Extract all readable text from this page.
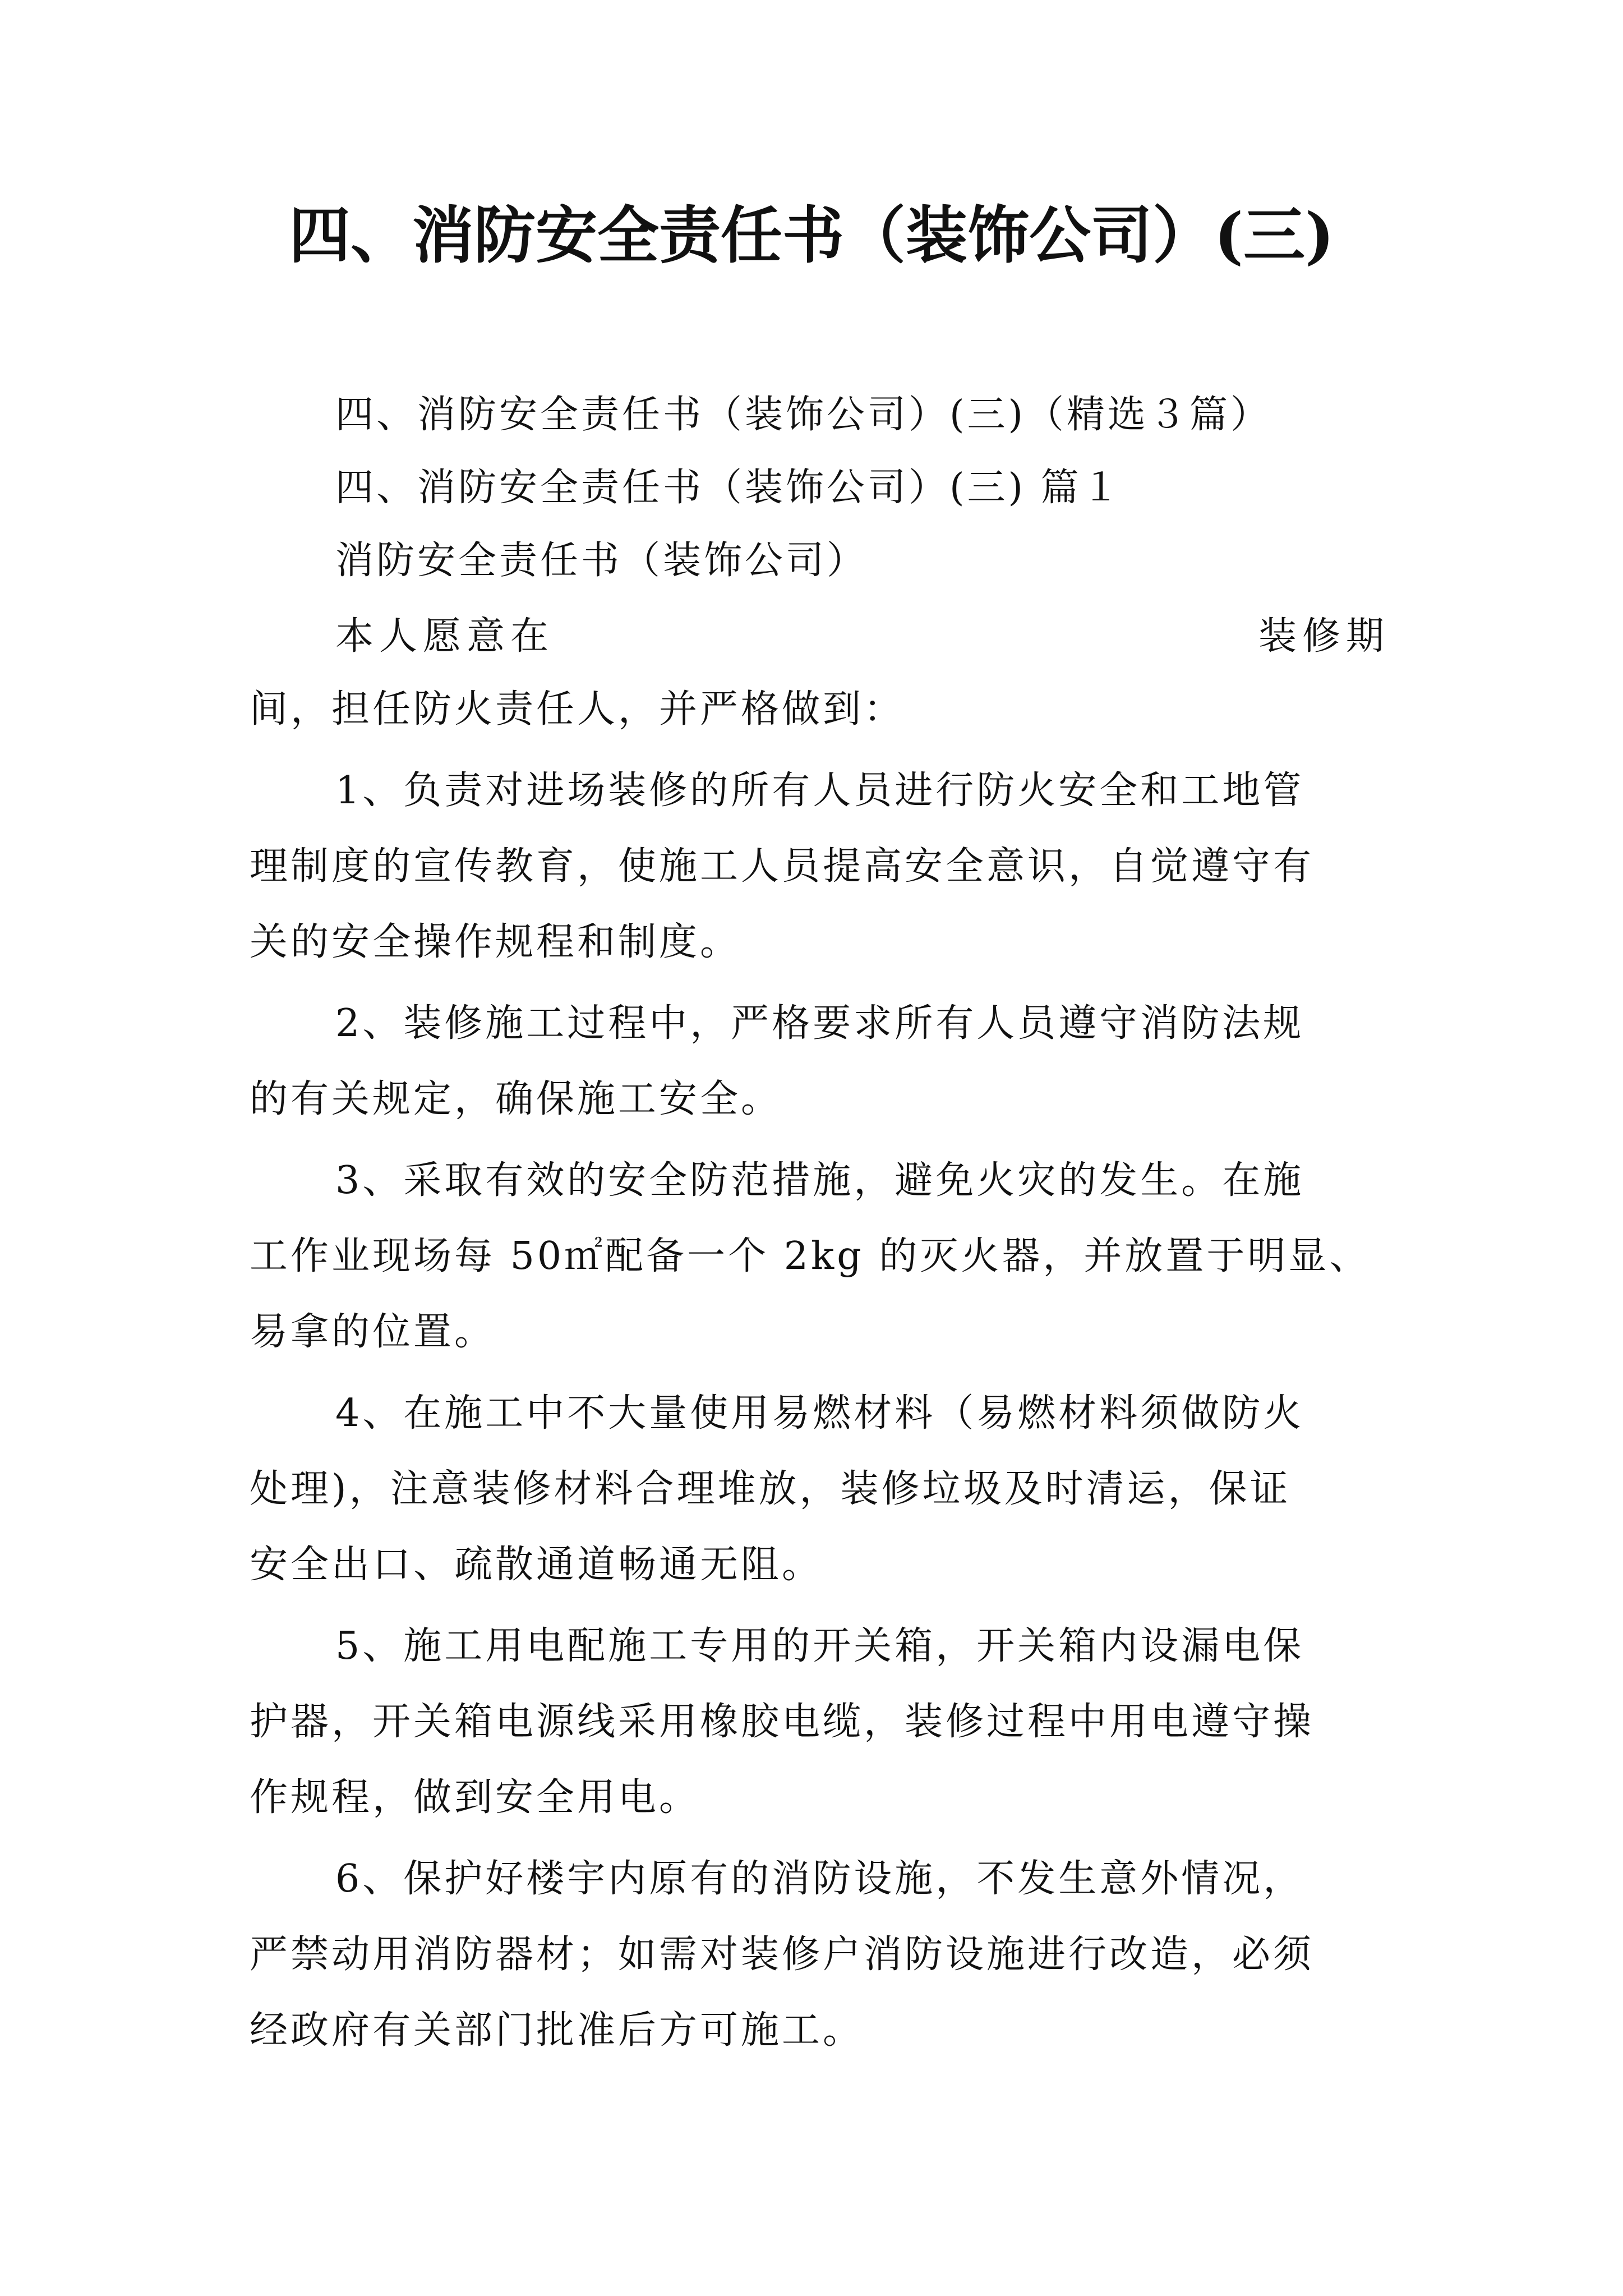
四、消防安全责任书（装饰公司）(三)
四、消防安全责任书（装饰公司）(三)（精选３篇）
四、消防安全责任书（装饰公司）(三) 篇１
消防安全责任书（装饰公司）
本人愿意在	装修期
间，担任防火责任人，并严格做到：
1、负责对进场装修的所有人员进行防火安全和工地管
理制度的宣传教育，使施工人员提高安全意识，自觉遵守有
关的安全操作规程和制度。
2、装修施工过程中，严格要求所有人员遵守消防法规
的有关规定，确保施工安全。
3、采取有效的安全防范措施，避免火灾的发生。在施
工作业现场每 50㎡配备一个 2kg 的灭火器，并放置于明显、
易拿的位置。
4、在施工中不大量使用易燃材料（易燃材料须做防火
处理)，注意装修材料合理堆放，装修垃圾及时清运，保证
安全出口、疏散通道畅通无阻。
5、施工用电配施工专用的开关箱，开关箱内设漏电保
护器，开关箱电源线采用橡胶电缆，装修过程中用电遵守操
作规程，做到安全用电。
6、保护好楼宇内原有的消防设施，不发生意外情况，
严禁动用消防器材；如需对装修户消防设施进行改造，必须
经政府有关部门批准后方可施工。
